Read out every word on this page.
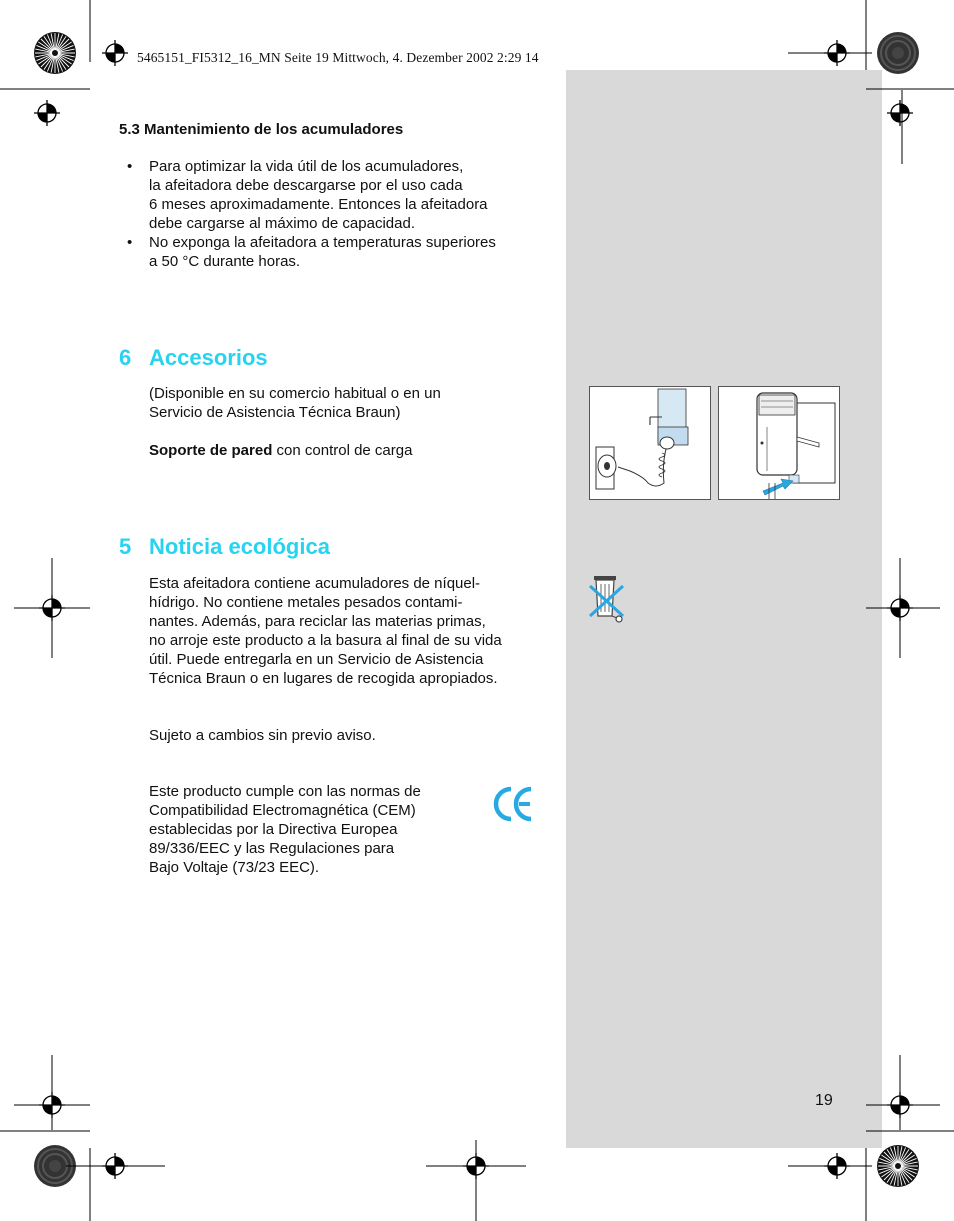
5465151_FI5312_16_MN Seite 19 Mittwoch, 4. Dezember 2002 2:29 14
5.3 Mantenimiento de los acumuladores
• Para optimizar la vida útil de los acumuladores,
la afeitadora debe descargarse por el uso cada
6 meses aproximadamente. Entonces la afeitadora
debe cargarse al máximo de capacidad.
• No exponga la afeitadora a temperaturas superiores
a 50 °C durante horas.
6 Accesorios
(Disponible en su comercio habitual o en un
Servicio de Asistencia Técnica Braun)
Soporte de pared con control de carga
5 Noticia ecológica
Esta afeitadora contiene acumuladores de níquel-
hídrigo. No contiene metales pesados contami-
nantes. Además, para reciclar las materias primas,
no arroje este producto a la basura al final de su vida
útil. Puede entregarla en un Servicio de Asistencia
Técnica Braun o en lugares de recogida apropiados.
Sujeto a cambios sin previo aviso.
Este producto cumple con las normas de
Compatibilidad Electromagnética (CEM)
establecidas por la Directiva Europea
89/336/EEC y las Regulaciones para
Bajo Voltaje (73/23 EEC).
19
